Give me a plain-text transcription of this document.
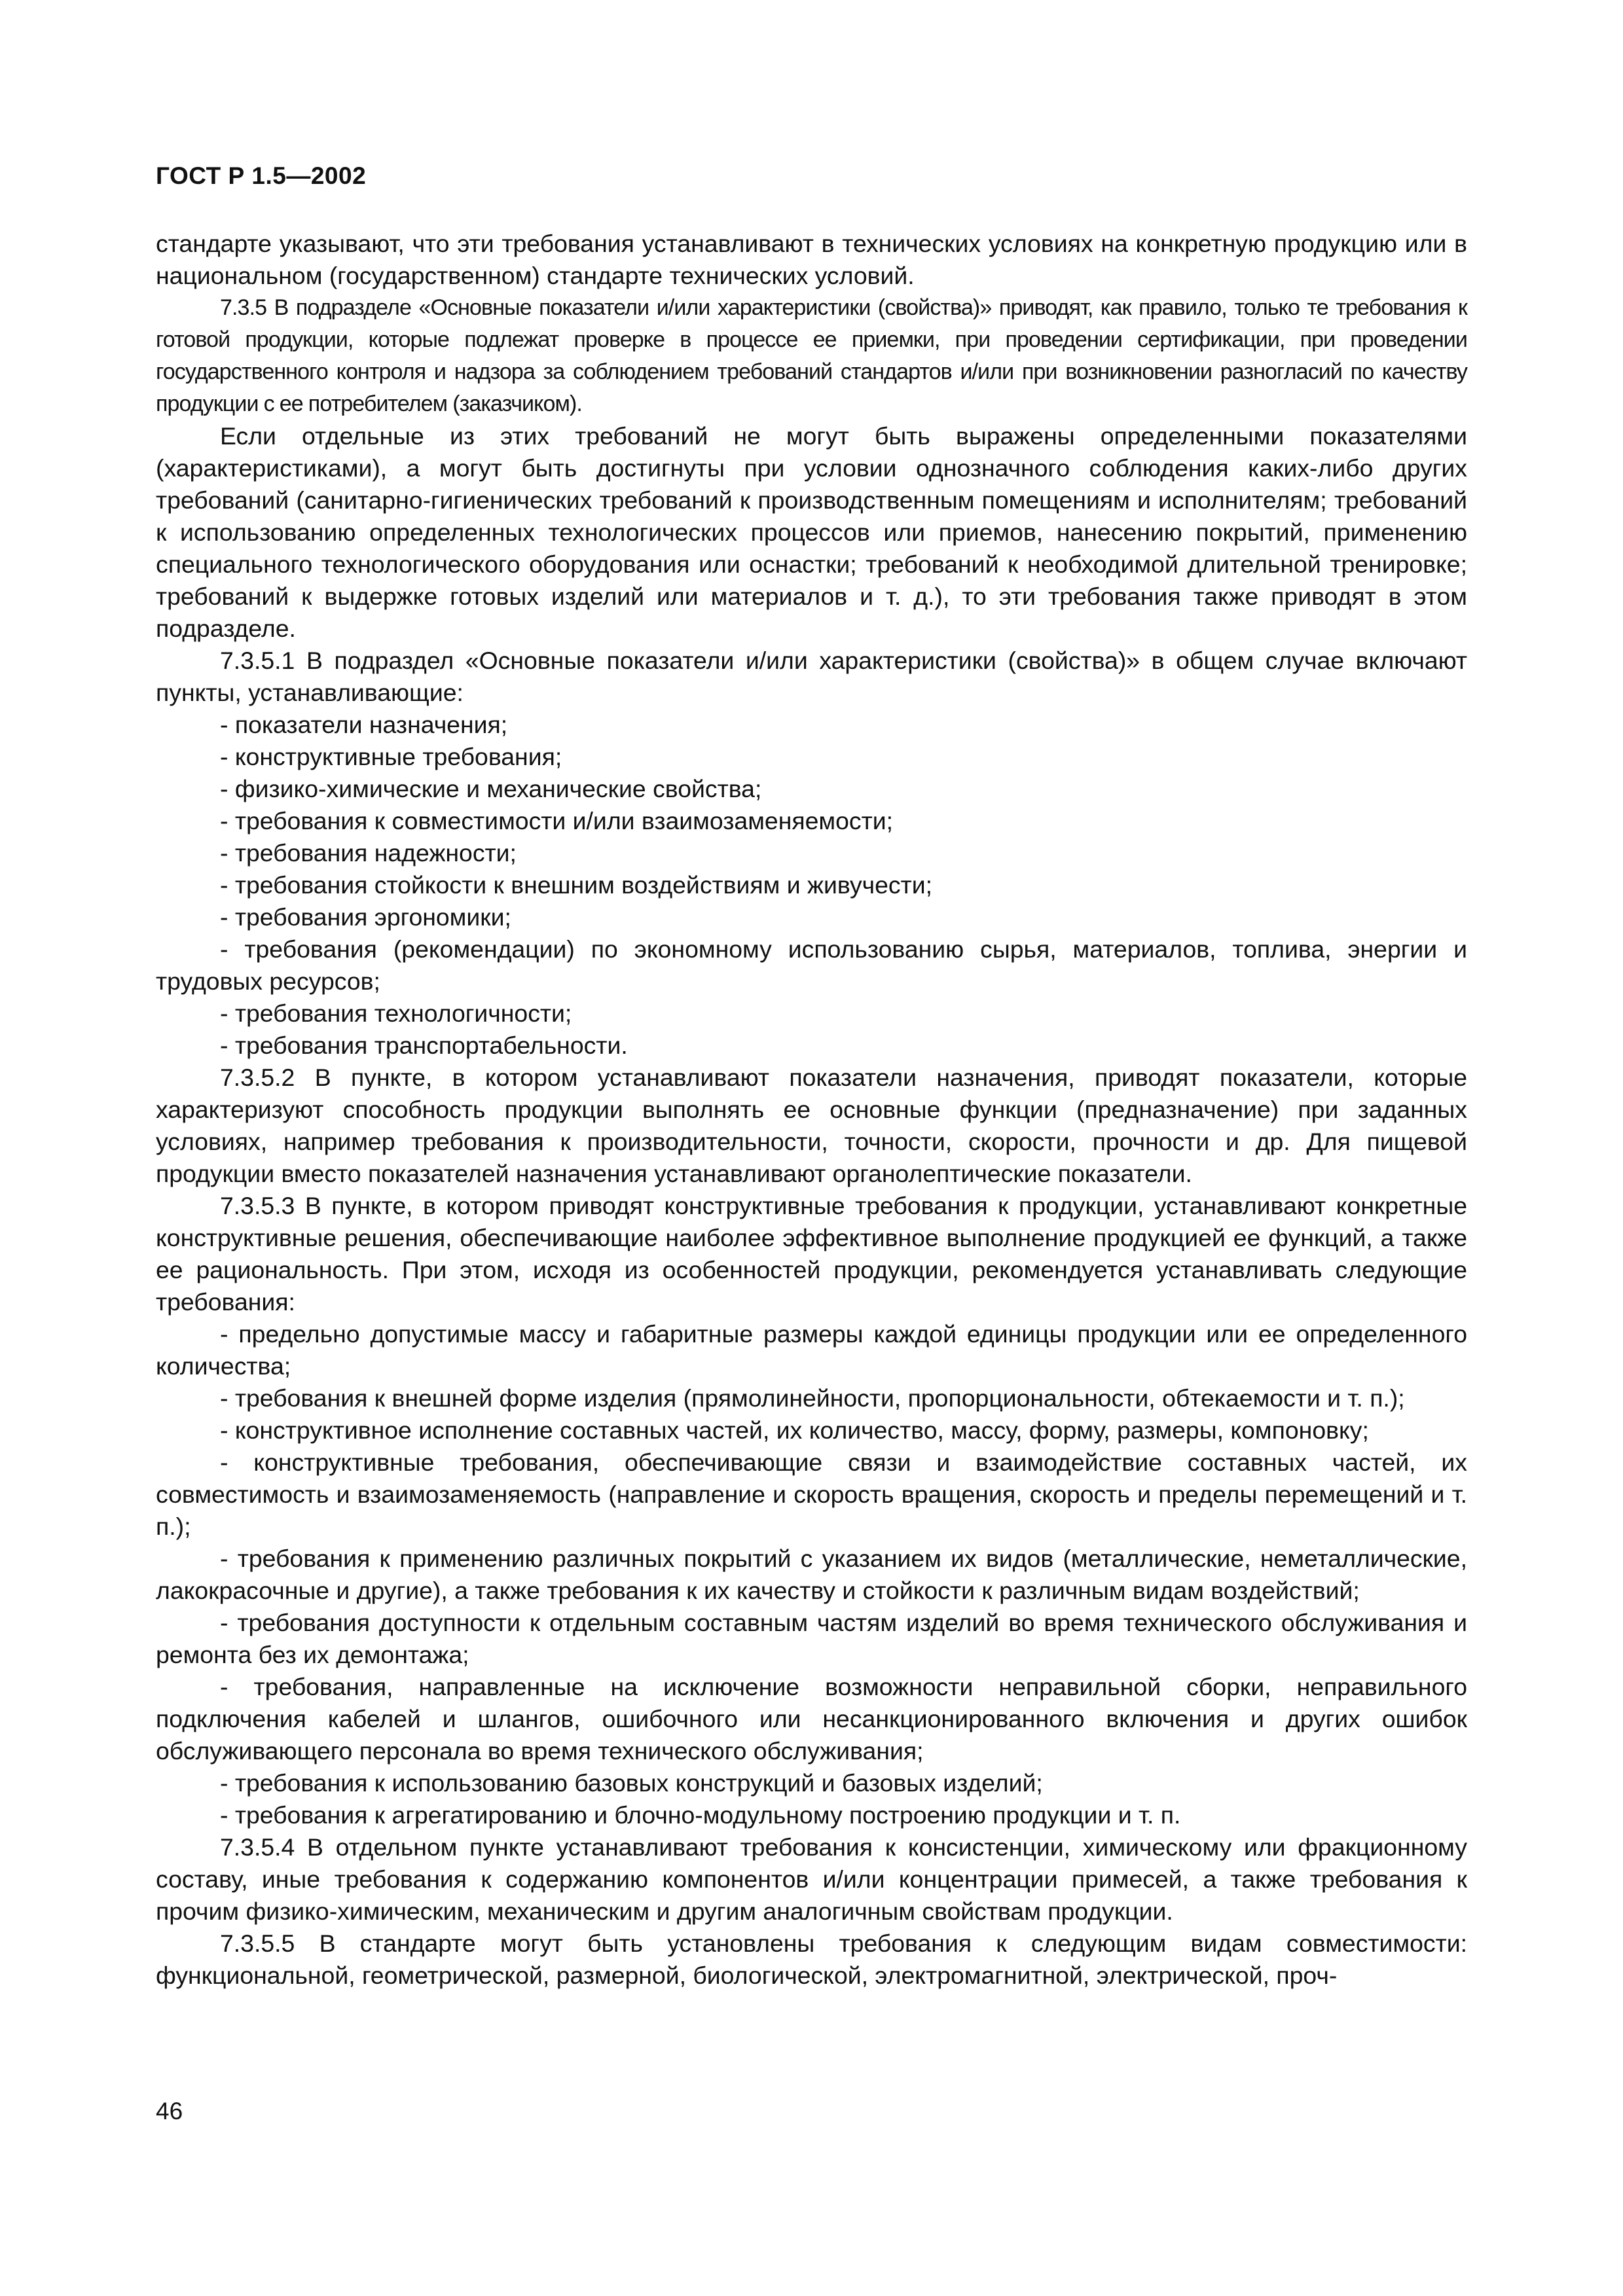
ГОСТ Р 1.5—2002

стандарте указывают, что эти требования устанавливают в технических условиях на конкретную продукцию или в национальном (государственном) стандарте технических условий.

7.3.5 В подразделе «Основные показатели и/или характеристики (свойства)» приводят, как правило, только те требования к готовой продукции, которые подлежат проверке в процессе ее приемки, при проведении сертификации, при проведении государственного контроля и надзора за соблюдением требований стандартов и/или при возникновении разногласий по качеству продукции с ее потребителем (заказчиком).

Если отдельные из этих требований не могут быть выражены определенными показателями (характеристиками), а могут быть достигнуты при условии однозначного соблюдения каких-либо других требований (санитарно-гигиенических требований к производственным помещениям и исполнителям; требований к использованию определенных технологических процессов или приемов, нанесению покрытий, применению специального технологического оборудования или оснастки; требований к необходимой длительной тренировке; требований к выдержке готовых изделий или материалов и т. д.), то эти требования также приводят в этом подразделе.

7.3.5.1 В подраздел «Основные показатели и/или характеристики (свойства)» в общем случае включают пункты, устанавливающие:

- показатели назначения;

- конструктивные требования;

- физико-химические и механические свойства;

- требования к совместимости и/или взаимозаменяемости;

- требования надежности;

- требования стойкости к внешним воздействиям и живучести;

- требования эргономики;

- требования (рекомендации) по экономному использованию сырья, материалов, топлива, энергии и трудовых ресурсов;

- требования технологичности;

- требования транспортабельности.

7.3.5.2 В пункте, в котором устанавливают показатели назначения, приводят показатели, которые характеризуют способность продукции выполнять ее основные функции (предназначение) при заданных условиях, например требования к производительности, точности, скорости, прочности и др. Для пищевой продукции вместо показателей назначения устанавливают органолептические показатели.

7.3.5.3 В пункте, в котором приводят конструктивные требования к продукции, устанавливают конкретные конструктивные решения, обеспечивающие наиболее эффективное выполнение продукцией ее функций, а также ее рациональность. При этом, исходя из особенностей продукции, рекомендуется устанавливать следующие требования:

- предельно допустимые массу и габаритные размеры каждой единицы продукции или ее определенного количества;

- требования к внешней форме изделия (прямолинейности, пропорциональности, обтекаемости и т. п.);

- конструктивное исполнение составных частей, их количество, массу, форму, размеры, компоновку;

- конструктивные требования, обеспечивающие связи и взаимодействие составных частей, их совместимость и взаимозаменяемость (направление и скорость вращения, скорость и пределы перемещений и т. п.);

- требования к применению различных покрытий с указанием их видов (металлические, неметаллические, лакокрасочные и другие), а также требования к их качеству и стойкости к различным видам воздействий;

- требования доступности к отдельным составным частям изделий во время технического обслуживания и ремонта без их демонтажа;

- требования, направленные на исключение возможности неправильной сборки, неправильного подключения кабелей и шлангов, ошибочного или несанкционированного включения и других ошибок обслуживающего персонала во время технического обслуживания;

- требования к использованию базовых конструкций и базовых изделий;

- требования к агрегатированию и блочно-модульному построению продукции и т. п.

7.3.5.4 В отдельном пункте устанавливают требования к консистенции, химическому или фракционному составу, иные требования к содержанию компонентов и/или концентрации примесей, а также требования к прочим физико-химическим, механическим и другим аналогичным свойствам продукции.

7.3.5.5 В стандарте могут быть установлены требования к следующим видам совместимости: функциональной, геометрической, размерной, биологической, электромагнитной, электрической, проч-

46
